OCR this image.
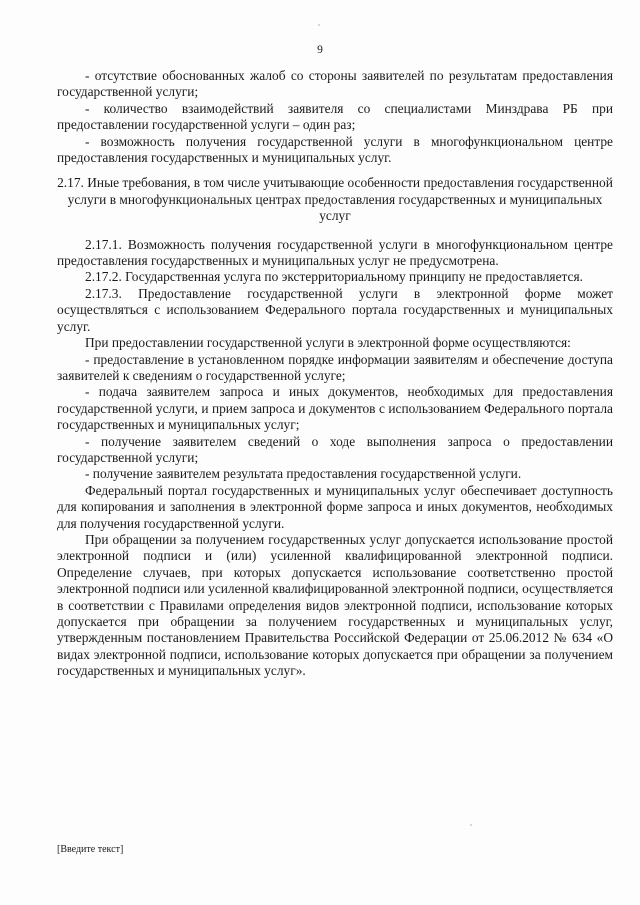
9

- отсутствие обоснованных жалоб со стороны заявителей по результатам предоставления государственной услуги;

- количество взаимодействий заявителя со специалистами Минздрава РБ при предоставлении государственной услуги – один раз;

- возможность получения государственной услуги в многофункциональном центре предоставления государственных и муниципальных услуг.

2.17. Иные требования, в том числе учитывающие особенности предоставления государственной услуги в многофункциональных центрах предоставления государственных и муниципальных услуг

2.17.1. Возможность получения государственной услуги в многофункциональном центре предоставления государственных и муниципальных услуг не предусмотрена.

2.17.2. Государственная услуга по экстерриториальному принципу не предоставляется.

2.17.3. Предоставление государственной услуги в электронной форме может осуществляться с использованием Федерального портала государственных и муниципальных услуг.

При предоставлении государственной услуги в электронной форме осуществляются:

- предоставление в установленном порядке информации заявителям и обеспечение доступа заявителей к сведениям о государственной услуге;

- подача заявителем запроса и иных документов, необходимых для предоставления государственной услуги, и прием запроса и документов с использованием Федерального портала государственных и муниципальных услуг;

- получение заявителем сведений о ходе выполнения запроса о предоставлении государственной услуги;

- получение заявителем результата предоставления государственной услуги.

Федеральный портал государственных и муниципальных услуг обеспечивает доступность для копирования и заполнения в электронной форме запроса и иных документов, необходимых для получения государственной услуги.

При обращении за получением государственных услуг допускается использование простой электронной подписи и (или) усиленной квалифицированной электронной подписи. Определение случаев, при которых допускается использование соответственно простой электронной подписи или усиленной квалифицированной электронной подписи, осуществляется в соответствии с Правилами определения видов электронной подписи, использование которых допускается при обращении за получением государственных и муниципальных услуг, утвержденным постановлением Правительства Российской Федерации от 25.06.2012 № 634 «О видах электронной подписи, использование которых допускается при обращении за получением государственных и муниципальных услуг».

[Введите текст]
